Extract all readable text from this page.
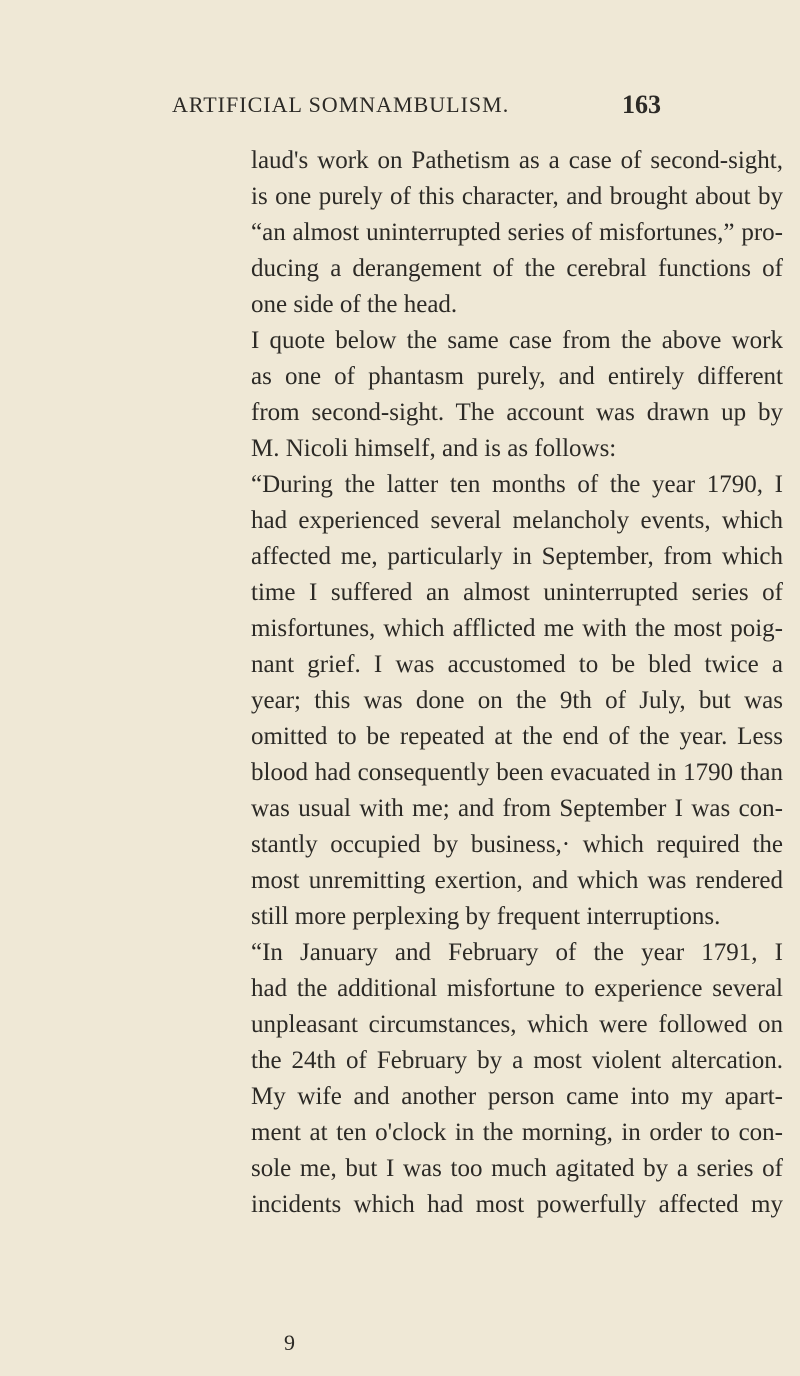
ARTIFICIAL SOMNAMBULISM.	163
laud's work on Pathetism as a case of second-sight,
is one purely of this character, and brought about by
“an almost uninterrupted series of misfortunes,” pro-
ducing a derangement of the cerebral functions of
one side of the head.
I quote below the same case from the above work
as one of phantasm purely, and entirely different
from second-sight. The account was drawn up by
M. Nicoli himself, and is as follows:
“During the latter ten months of the year 1790, I
had experienced several melancholy events, which
affected me, particularly in September, from which
time I suffered an almost uninterrupted series of
misfortunes, which afflicted me with the most poig-
nant grief. I was accustomed to be bled twice a
year; this was done on the 9th of July, but was
omitted to be repeated at the end of the year. Less
blood had consequently been evacuated in 1790 than
was usual with me; and from September I was con-
stantly occupied by business,· which required the
most unremitting exertion, and which was rendered
still more perplexing by frequent interruptions.
“In January and February of the year 1791, I
had the additional misfortune to experience several
unpleasant circumstances, which were followed on
the 24th of February by a most violent altercation.
My wife and another person came into my apart-
ment at ten o'clock in the morning, in order to con-
sole me, but I was too much agitated by a series of
incidents which had most powerfully affected my
9
